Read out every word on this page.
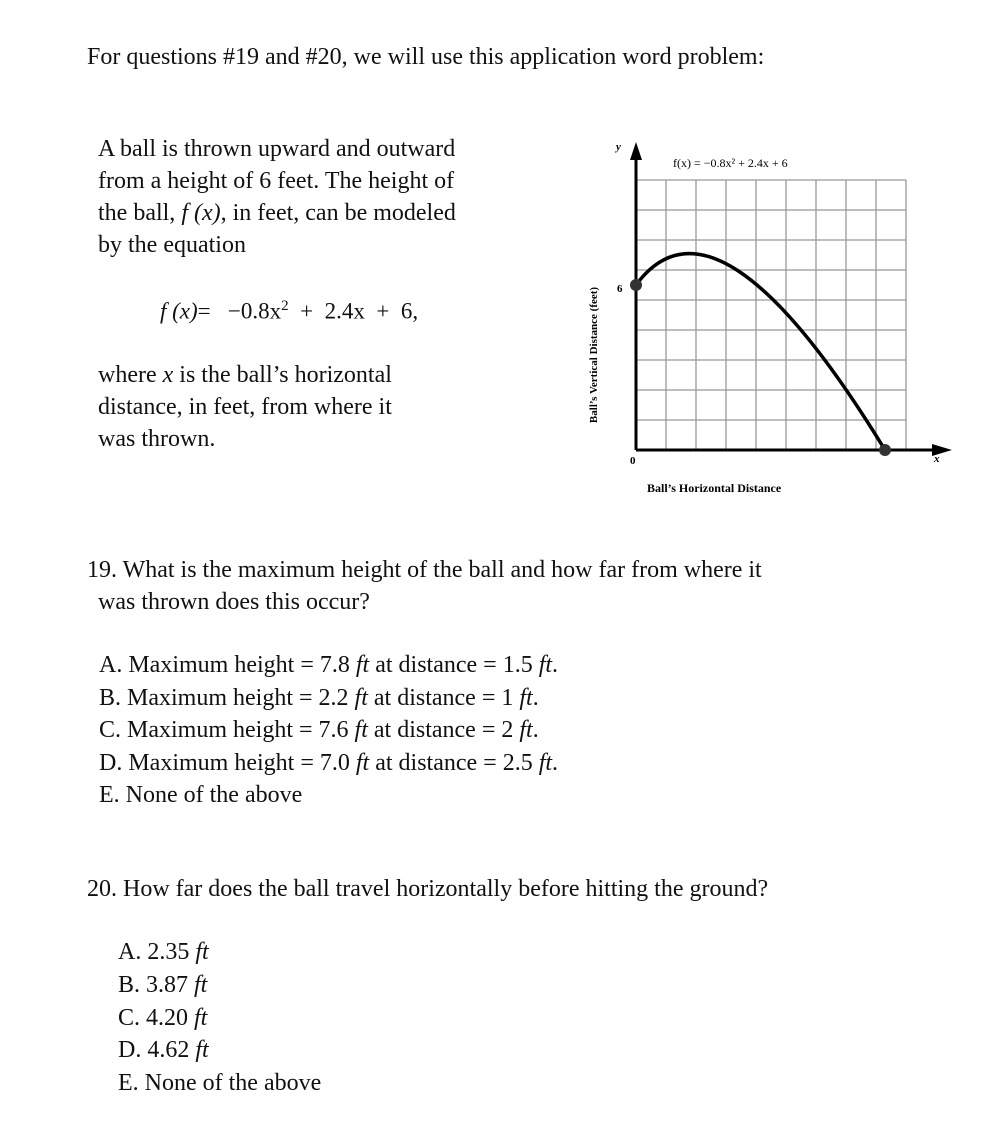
For questions #19 and #20, we will use this application word problem:
A ball is thrown upward and outward
from a height of 6 feet. The height of
the ball, f (x), in feet, can be modeled
by the equation
f $(x)= -0.8x^2 + 2.4x + 6$,
where x is the ball’s horizontal
distance, in feet, from where it
was thrown.
f(x) = −0.8x² + 2.4x + 6
y
x
6
0
Ball’s Vertical Distance (feet)
Ball’s Horizontal Distance
19. What is the maximum height of the ball and how far from where it
was thrown does this occur?
A. Maximum height = 7.8 ft at distance = 1.5 ft.
B. Maximum height = 2.2 ft at distance = 1 ft.
C. Maximum height = 7.6 ft at distance = 2 ft.
D. Maximum height = 7.0 ft at distance = 2.5 ft.
E. None of the above
20. How far does the ball travel horizontally before hitting the ground?
A. 2.35 ft
B. 3.87 ft
C. 4.20 ft
D. 4.62 ft
E. None of the above
